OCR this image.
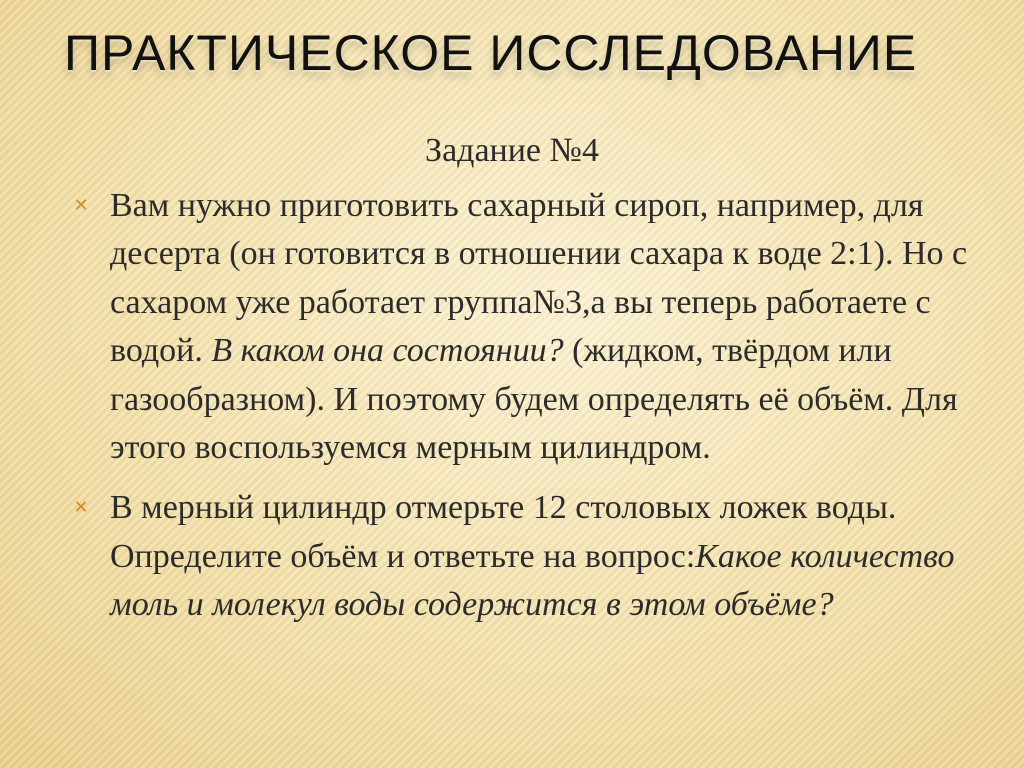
ПРАКТИЧЕСКОЕ ИССЛЕДОВАНИЕ
Задание №4
✕ Вам нужно приготовить сахарный сироп, например, для десерта (он готовится в отношении сахара к воде 2:1). Но с сахаром уже работает группа№3,а вы теперь работаете с водой. В каком она состоянии? (жидком, твёрдом или газообразном). И поэтому будем определять её объём. Для этого воспользуемся мерным цилиндром.
✕ В мерный цилиндр отмерьте 12 столовых ложек воды. Определите объём и ответьте на вопрос:Какое количество моль и молекул воды содержится в этом объёме?
